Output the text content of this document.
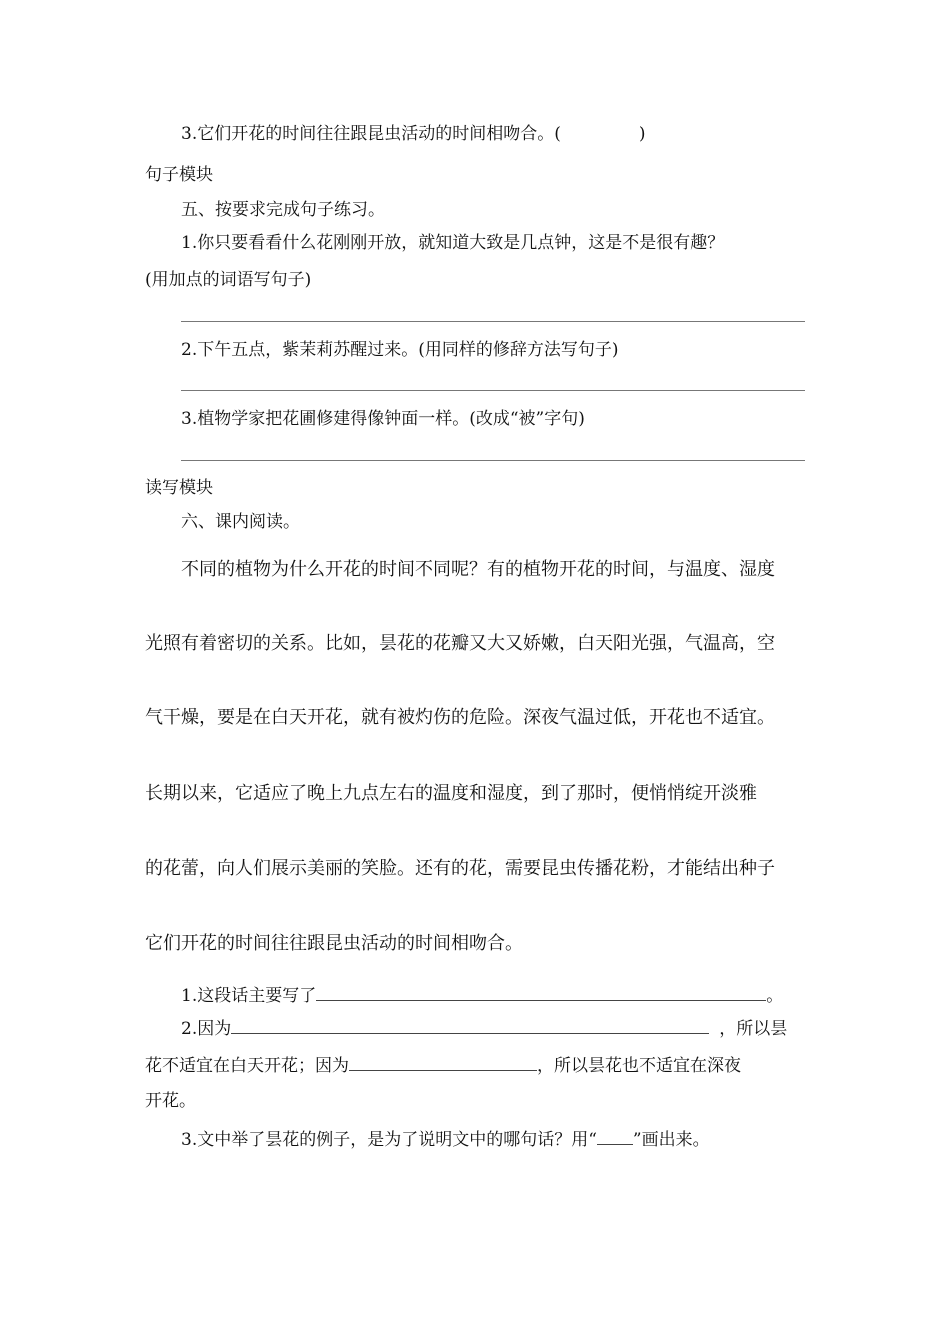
3.它们开花的时间往往跟昆虫活动的时间相吻合。(	)
句子模块
五、按要求完成句子练习。
1.你只要看看什么花刚刚开放，就知道大致是几点钟，这是不是很有趣？
(用加点的词语写句子)
2.下午五点，紫茉莉苏醒过来。(用同样的修辞方法写句子)
3.植物学家把花圃修建得像钟面一样。(改成“被”字句)
读写模块
六、课内阅读。
不同的植物为什么开花的时间不同呢？有的植物开花的时间，与温度、湿度
光照有着密切的关系。比如，昙花的花瓣又大又娇嫩，白天阳光强，气温高，空
气干燥，要是在白天开花，就有被灼伤的危险。深夜气温过低，开花也不适宜。
长期以来，它适应了晚上九点左右的温度和湿度，到了那时，便悄悄绽开淡雅
的花蕾，向人们展示美丽的笑脸。还有的花，需要昆虫传播花粉，才能结出种子
它们开花的时间往往跟昆虫活动的时间相吻合。
1.这段话主要写了	。
2.因为	，所以昙
花不适宜在白天开花；因为	，所以昙花也不适宜在深夜
开花。
3.文中举了昙花的例子，是为了说明文中的哪句话？用“ ”画出来。
